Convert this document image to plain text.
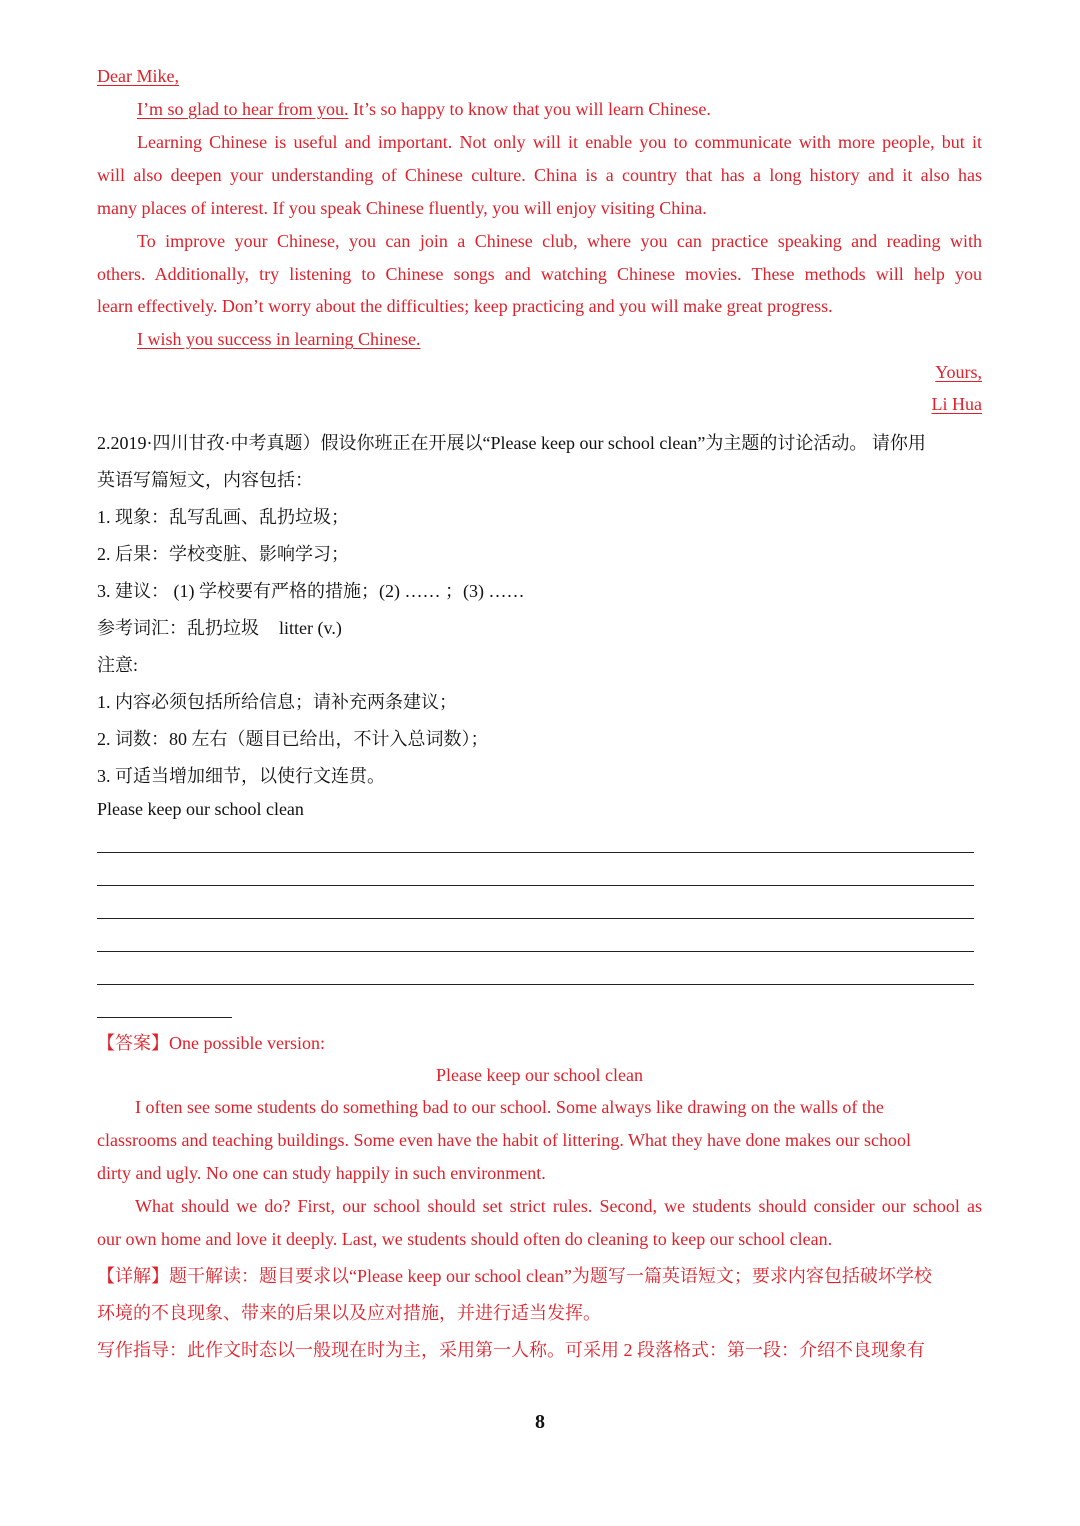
Dear Mike,
I’m so glad to hear from you. It’s so happy to know that you will learn Chinese.
Learning Chinese is useful and important. Not only will it enable you to communicate with more people, but it
will also deepen your understanding of Chinese culture. China is a country that has a long history and it also has
many places of interest. If you speak Chinese fluently, you will enjoy visiting China.
To improve your Chinese, you can join a Chinese club, where you can practice speaking and reading with
others. Additionally, try listening to Chinese songs and watching Chinese movies. These methods will help you
learn effectively. Don’t worry about the difficulties; keep practicing and you will make great progress.
I wish you success in learning Chinese.
Yours,
Li Hua
2.2019·四川甘孜·中考真题）假设你班正在开展以“Please keep our school clean”为主题的讨论活动。 请你用
英语写篇短文，内容包括：
1. 现象：乱写乱画、乱扔垃圾；
2. 后果：学校变脏、影响学习；
3. 建议： (1) 学校要有严格的措施；(2) …… ；(3) ……
参考词汇：乱扔垃圾 litter (v.)
注意:
1. 内容必须包括所给信息；请补充两条建议；
2. 词数：80 左右（题目已给出，不计入总词数）；
3. 可适当增加细节，以使行文连贯。
Please keep our school clean
【答案】One possible version:
Please keep our school clean
I often see some students do something bad to our school. Some always like drawing on the walls of the
classrooms and teaching buildings. Some even have the habit of littering. What they have done makes our school
dirty and ugly. No one can study happily in such environment.
What should we do? First, our school should set strict rules. Second, we students should consider our school as
our own home and love it deeply. Last, we students should often do cleaning to keep our school clean.
【详解】题干解读：题目要求以“Please keep our school clean”为题写一篇英语短文；要求内容包括破坏学校
环境的不良现象、带来的后果以及应对措施，并进行适当发挥。
写作指导：此作文时态以一般现在时为主，采用第一人称。可采用 2 段落格式：第一段：介绍不良现象有
8
